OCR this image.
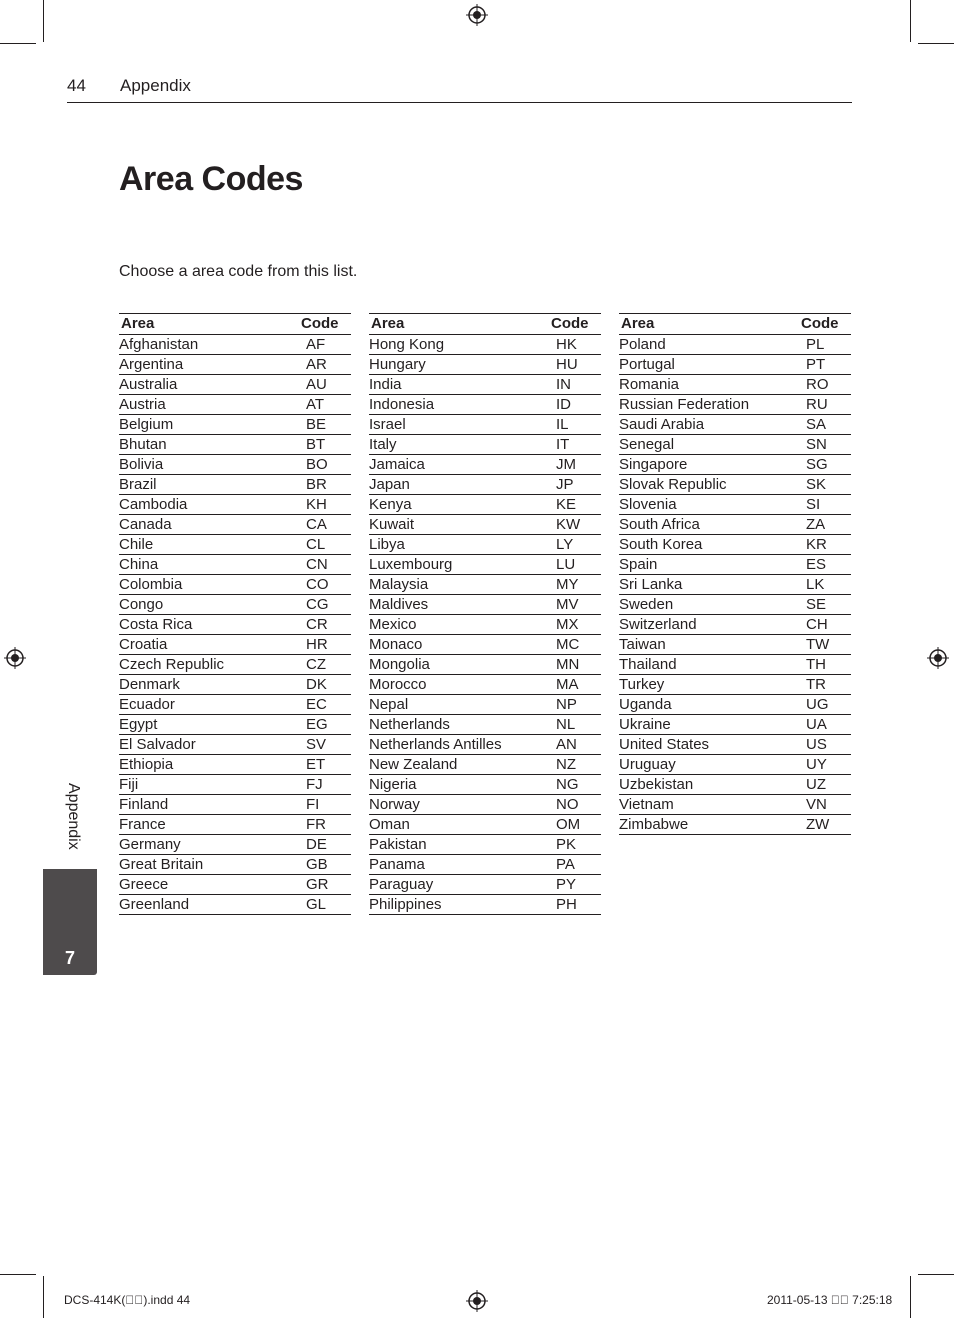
44 Appendix
Area Codes
Choose a area code from this list.
Area	Code
Afghanistan	AF
Argentina	AR
Australia	AU
Austria	AT
Belgium	BE
Bhutan	BT
Bolivia	BO
Brazil	BR
Cambodia	KH
Canada	CA
Chile	CL
China	CN
Colombia	CO
Congo	CG
Costa Rica	CR
Croatia	HR
Czech Republic	CZ
Denmark	DK
Ecuador	EC
Egypt	EG
El Salvador	SV
Ethiopia	ET
Fiji	FJ
Finland	FI
France	FR
Germany	DE
Great Britain	GB
Greece	GR
Greenland	GL
Area	Code
Hong Kong	HK
Hungary	HU
India	IN
Indonesia	ID
Israel	IL
Italy	IT
Jamaica	JM
Japan	JP
Kenya	KE
Kuwait	KW
Libya	LY
Luxembourg	LU
Malaysia	MY
Maldives	MV
Mexico	MX
Monaco	MC
Mongolia	MN
Morocco	MA
Nepal	NP
Netherlands	NL
Netherlands Antilles	AN
New Zealand	NZ
Nigeria	NG
Norway	NO
Oman	OM
Pakistan	PK
Panama	PA
Paraguay	PY
Philippines	PH
Area	Code
Poland	PL
Portugal	PT
Romania	RO
Russian Federation	RU
Saudi Arabia	SA
Senegal	SN
Singapore	SG
Slovak Republic	SK
Slovenia	SI
South Africa	ZA
South Korea	KR
Spain	ES
Sri Lanka	LK
Sweden	SE
Switzerland	CH
Taiwan	TW
Thailand	TH
Turkey	TR
Uganda	UG
Ukraine	UA
United States	US
Uruguay	UY
Uzbekistan	UZ
Vietnam	VN
Zimbabwe	ZW
Appendix
7
DCS-414K(  ).indd 44	2011-05-13    7:25:18
